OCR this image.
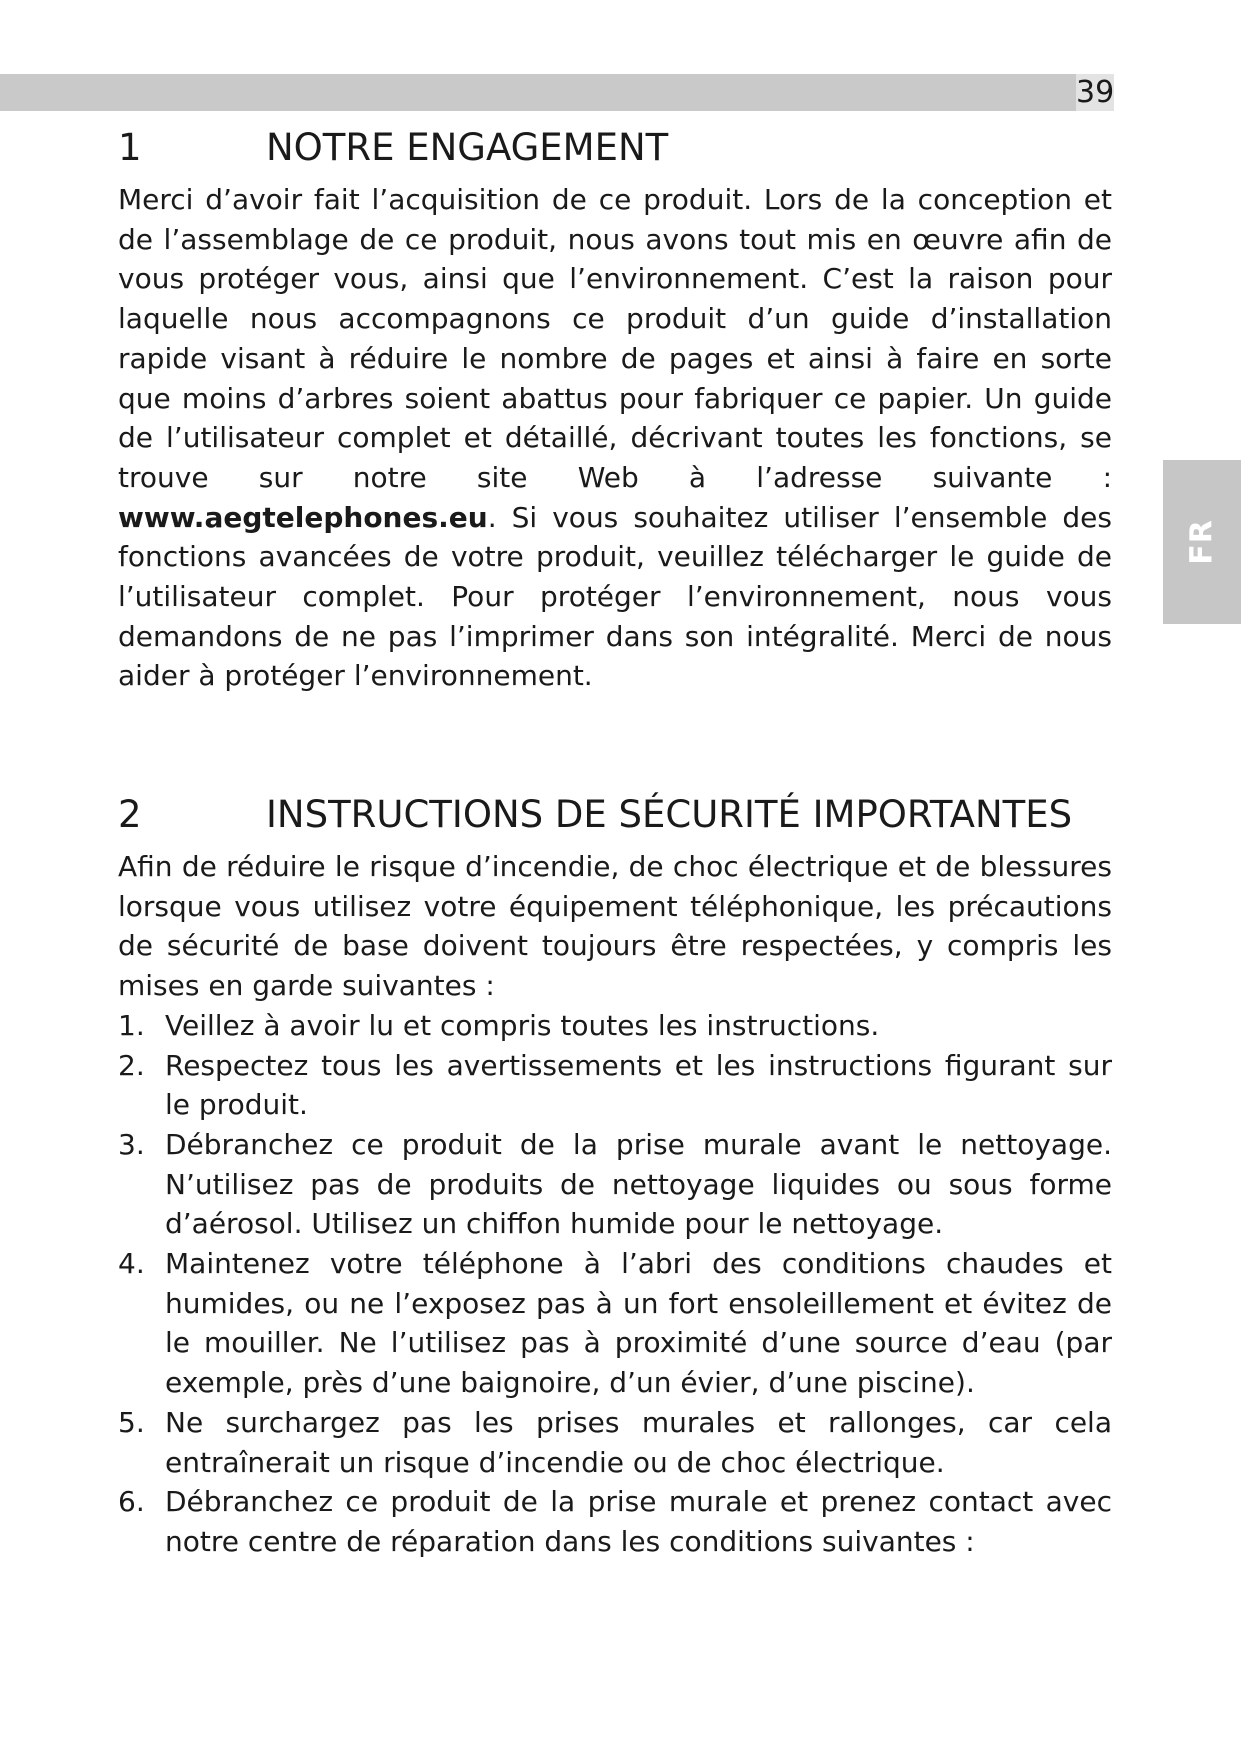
39
FR
1	NOTRE ENGAGEMENT

Merci d’avoir fait l’acquisition de ce produit. Lors de la conception et de l’assemblage de ce produit, nous avons tout mis en œuvre afin de vous protéger vous, ainsi que l’environnement. C’est la raison pour laquelle nous accompagnons ce produit d’un guide d’installation rapide visant à réduire le nombre de pages et ainsi à faire en sorte que moins d’arbres soient abattus pour fabriquer ce papier. Un guide de l’utilisateur complet et détaillé, décrivant toutes les fonctions, se trouve sur notre site Web à l’adresse suivante : www.aegtelephones.eu. Si vous souhaitez utiliser l’ensemble des fonctions avancées de votre produit, veuillez télécharger le guide de l’utilisateur complet. Pour protéger l’environnement, nous vous demandons de ne pas l’imprimer dans son intégralité. Merci de nous aider à protéger l’environnement.

2	INSTRUCTIONS DE SÉCURITÉ IMPORTANTES

Afin de réduire le risque d’incendie, de choc électrique et de blessures lorsque vous utilisez votre équipement téléphonique, les précautions de sécurité de base doivent toujours être respectées, y compris les mises en garde suivantes :

1. Veillez à avoir lu et compris toutes les instructions.
2. Respectez tous les avertissements et les instructions figurant sur le produit.
3. Débranchez ce produit de la prise murale avant le nettoyage. N’utilisez pas de produits de nettoyage liquides ou sous forme d’aérosol. Utilisez un chiffon humide pour le nettoyage.
4. Maintenez votre téléphone à l’abri des conditions chaudes et humides, ou ne l’exposez pas à un fort ensoleillement et évitez de le mouiller. Ne l’utilisez pas à proximité d’une source d’eau (par exemple, près d’une baignoire, d’un évier, d’une piscine).
5. Ne surchargez pas les prises murales et rallonges, car cela entraînerait un risque d’incendie ou de choc électrique.
6. Débranchez ce produit de la prise murale et prenez contact avec notre centre de réparation dans les conditions suivantes :
